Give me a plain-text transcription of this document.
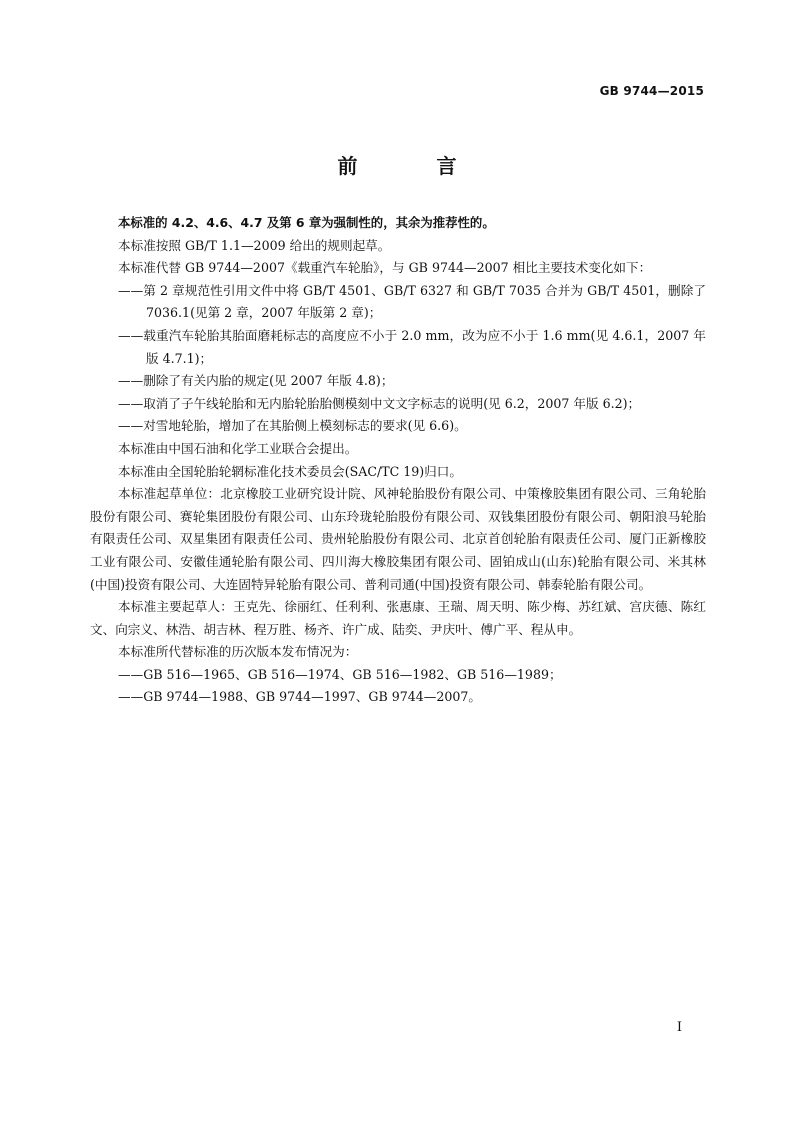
GB 9744—2015
前 言

本标准的 4.2、4.6、4.7 及第 6 章为强制性的，其余为推荐性的。

本标准按照 GB/T 1.1—2009 给出的规则起草。

本标准代替 GB 9744—2007《载重汽车轮胎》，与 GB 9744—2007 相比主要技术变化如下：

——第 2 章规范性引用文件中将 GB/T 4501、GB/T 6327 和 GB/T 7035 合并为 GB/T 4501，删除了 7036.1(见第 2 章，2007 年版第 2 章)；

——载重汽车轮胎其胎面磨耗标志的高度应不小于 2.0 mm，改为应不小于 1.6 mm(见 4.6.1，2007 年版 4.7.1)；

——删除了有关内胎的规定(见 2007 年版 4.8)；

——取消了子午线轮胎和无内胎轮胎胎侧模刻中文文字标志的说明(见 6.2，2007 年版 6.2)；

——对雪地轮胎，增加了在其胎侧上模刻标志的要求(见 6.6)。

本标准由中国石油和化学工业联合会提出。

本标准由全国轮胎轮辋标准化技术委员会(SAC/TC 19)归口。

本标准起草单位：北京橡胶工业研究设计院、风神轮胎股份有限公司、中策橡胶集团有限公司、三角轮胎股份有限公司、赛轮集团股份有限公司、山东玲珑轮胎股份有限公司、双钱集团股份有限公司、朝阳浪马轮胎有限责任公司、双星集团有限责任公司、贵州轮胎股份有限公司、北京首创轮胎有限责任公司、厦门正新橡胶工业有限公司、安徽佳通轮胎有限公司、四川海大橡胶集团有限公司、固铂成山(山东)轮胎有限公司、米其林(中国)投资有限公司、大连固特异轮胎有限公司、普利司通(中国)投资有限公司、韩泰轮胎有限公司。

本标准主要起草人：王克先、徐丽红、任利利、张惠康、王瑞、周天明、陈少梅、苏红斌、宫庆德、陈红文、向宗义、林浩、胡吉林、程万胜、杨齐、许广成、陆奕、尹庆叶、傅广平、程从申。

本标准所代替标准的历次版本发布情况为：

——GB 516—1965、GB 516—1974、GB 516—1982、GB 516—1989；

——GB 9744—1988、GB 9744—1997、GB 9744—2007。

I
